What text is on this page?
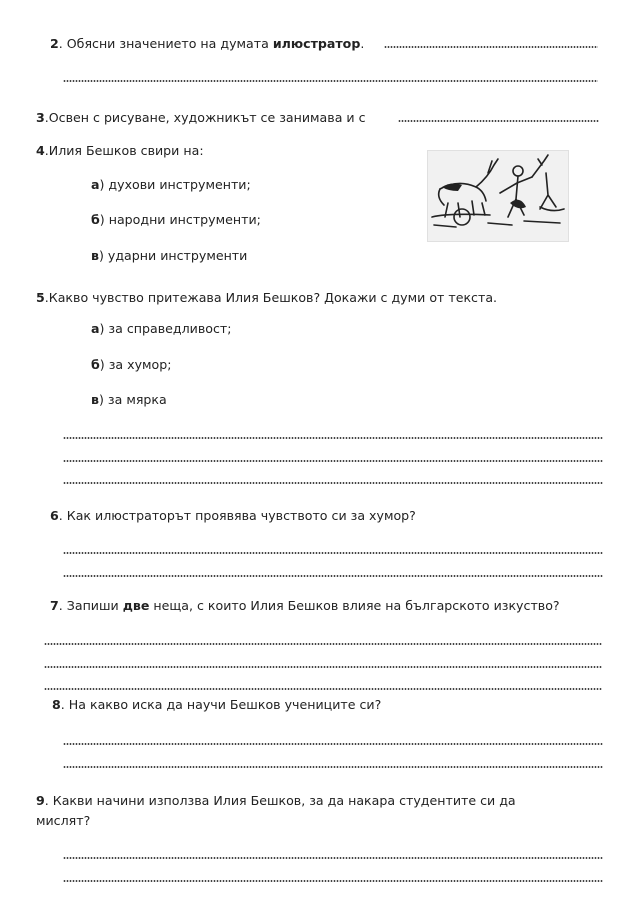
2. Обясни значението на думата илюстратор.
3.Освен с рисуване, художникът се занимава и с
4.Илия Бешков свири на:
а) духови инструменти;
б) народни инструменти;
в) ударни инструменти
5.Какво чувство притежава Илия Бешков? Докажи с думи от текста.
а) за справедливост;
б) за хумор;
в) за мярка
6. Как илюстраторът проявява чувството си за хумор?
7. Запиши две неща, с които Илия Бешков влияе на българското изкуство?
8. На какво иска да научи Бешков учениците си?
9. Какви начини използва Илия Бешков, за да накара студентите си да
мислят?
